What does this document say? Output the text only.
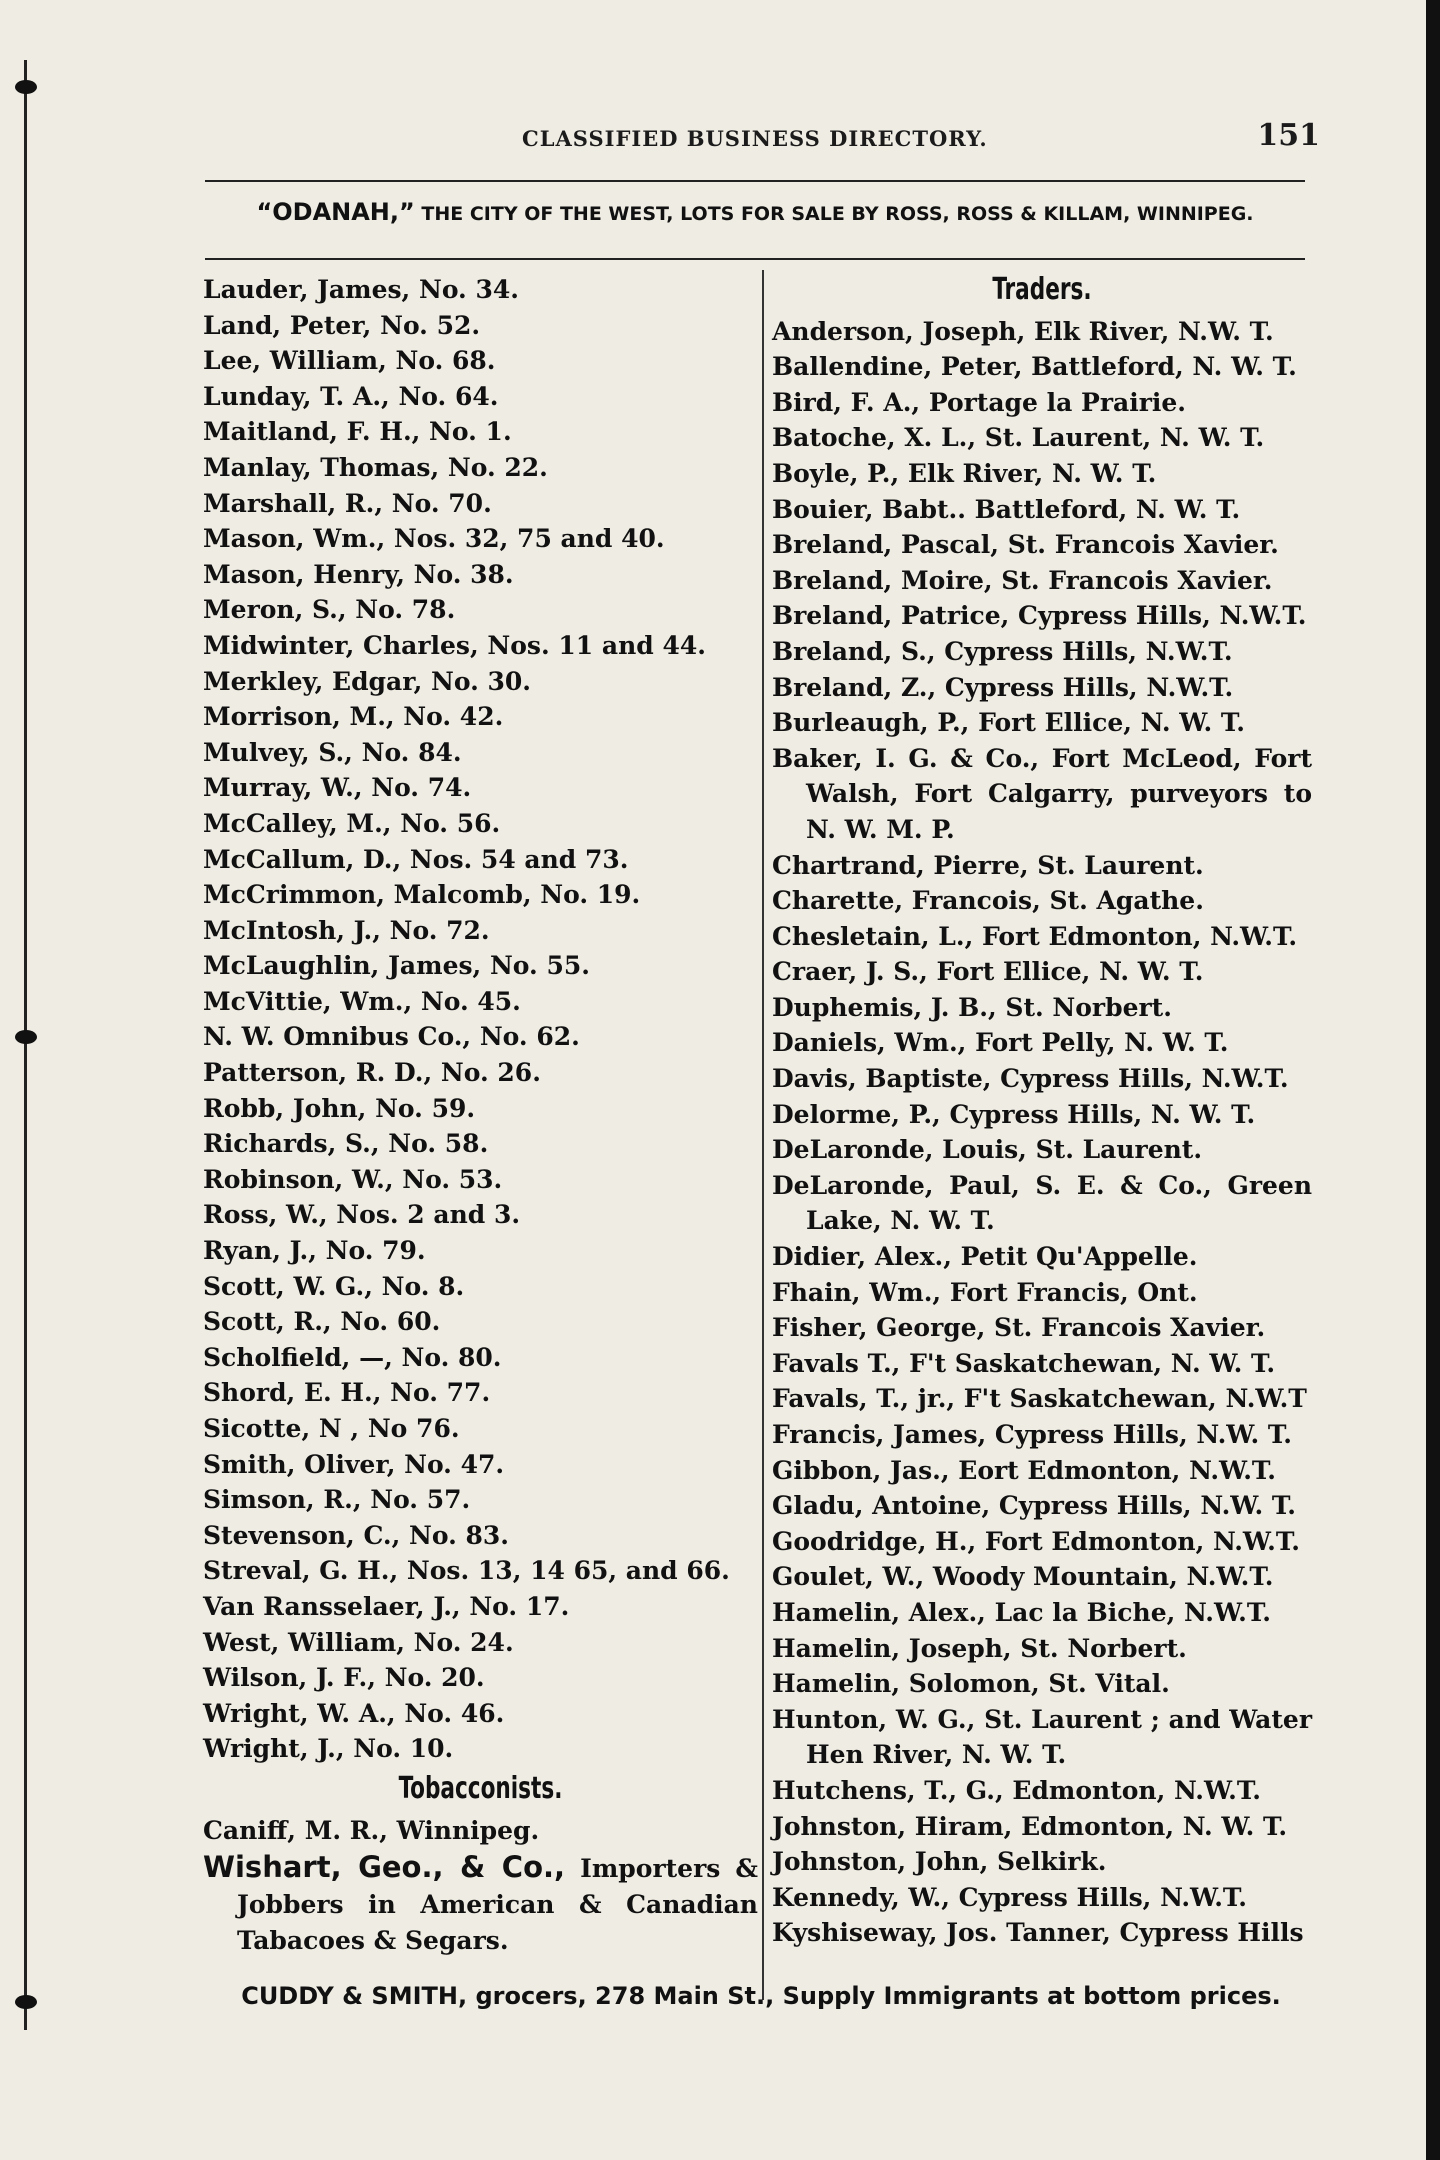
CLASSIFIED BUSINESS DIRECTORY.	151
“ODANAH,” THE CITY OF THE WEST, LOTS FOR SALE BY ROSS, ROSS & KILLAM, WINNIPEG.
Lauder, James, No. 34.
Land, Peter, No. 52.
Lee, William, No. 68.
Lunday, T. A., No. 64.
Maitland, F. H., No. 1.
Manlay, Thomas, No. 22.
Marshall, R., No. 70.
Mason, Wm., Nos. 32, 75 and 40.
Mason, Henry, No. 38.
Meron, S., No. 78.
Midwinter, Charles, Nos. 11 and 44.
Merkley, Edgar, No. 30.
Morrison, M., No. 42.
Mulvey, S., No. 84.
Murray, W., No. 74.
McCalley, M., No. 56.
McCallum, D., Nos. 54 and 73.
McCrimmon, Malcomb, No. 19.
McIntosh, J., No. 72.
McLaughlin, James, No. 55.
McVittie, Wm., No. 45.
N. W. Omnibus Co., No. 62.
Patterson, R. D., No. 26.
Robb, John, No. 59.
Richards, S., No. 58.
Robinson, W., No. 53.
Ross, W., Nos. 2 and 3.
Ryan, J., No. 79.
Scott, W. G., No. 8.
Scott, R., No. 60.
Scholfield, —, No. 80.
Shord, E. H., No. 77.
Sicotte, N , No 76.
Smith, Oliver, No. 47.
Simson, R., No. 57.
Stevenson, C., No. 83.
Streval, G. H., Nos. 13, 14 65, and 66.
Van Ransselaer, J., No. 17.
West, William, No. 24.
Wilson, J. F., No. 20.
Wright, W. A., No. 46.
Wright, J., No. 10.
Tobacconists.
Caniff, M. R., Winnipeg.
Wishart, Geo., & Co., Importers & Jobbers in American & Canadian Tabacoes & Segars.
Traders.
Anderson, Joseph, Elk River, N.W. T.
Ballendine, Peter, Battleford, N. W. T.
Bird, F. A., Portage la Prairie.
Batoche, X. L., St. Laurent, N. W. T.
Boyle, P., Elk River, N. W. T.
Bouier, Babt.. Battleford, N. W. T.
Breland, Pascal, St. Francois Xavier.
Breland, Moire, St. Francois Xavier.
Breland, Patrice, Cypress Hills, N.W.T.
Breland, S., Cypress Hills, N.W.T.
Breland, Z., Cypress Hills, N.W.T.
Burleaugh, P., Fort Ellice, N. W. T.
Baker, I. G. & Co., Fort McLeod, Fort Walsh, Fort Calgarry, purveyors to N. W. M. P.
Chartrand, Pierre, St. Laurent.
Charette, Francois, St. Agathe.
Chesletain, L., Fort Edmonton, N.W.T.
Craer, J. S., Fort Ellice, N. W. T.
Duphemis, J. B., St. Norbert.
Daniels, Wm., Fort Pelly, N. W. T.
Davis, Baptiste, Cypress Hills, N.W.T.
Delorme, P., Cypress Hills, N. W. T.
DeLaronde, Louis, St. Laurent.
DeLaronde, Paul, S. E. & Co., Green Lake, N. W. T.
Didier, Alex., Petit Qu'Appelle.
Fhain, Wm., Fort Francis, Ont.
Fisher, George, St. Francois Xavier.
Favals T., F't Saskatchewan, N. W. T.
Favals, T., jr., F't Saskatchewan, N.W.T
Francis, James, Cypress Hills, N.W. T.
Gibbon, Jas., Eort Edmonton, N.W.T.
Gladu, Antoine, Cypress Hills, N.W. T.
Goodridge, H., Fort Edmonton, N.W.T.
Goulet, W., Woody Mountain, N.W.T.
Hamelin, Alex., Lac la Biche, N.W.T.
Hamelin, Joseph, St. Norbert.
Hamelin, Solomon, St. Vital.
Hunton, W. G., St. Laurent ; and Water Hen River, N. W. T.
Hutchens, T., G., Edmonton, N.W.T.
Johnston, Hiram, Edmonton, N. W. T.
Johnston, John, Selkirk.
Kennedy, W., Cypress Hills, N.W.T.
Kyshiseway, Jos. Tanner, Cypress Hills
CUDDY & SMITH, grocers, 278 Main St., Supply Immigrants at bottom prices.
